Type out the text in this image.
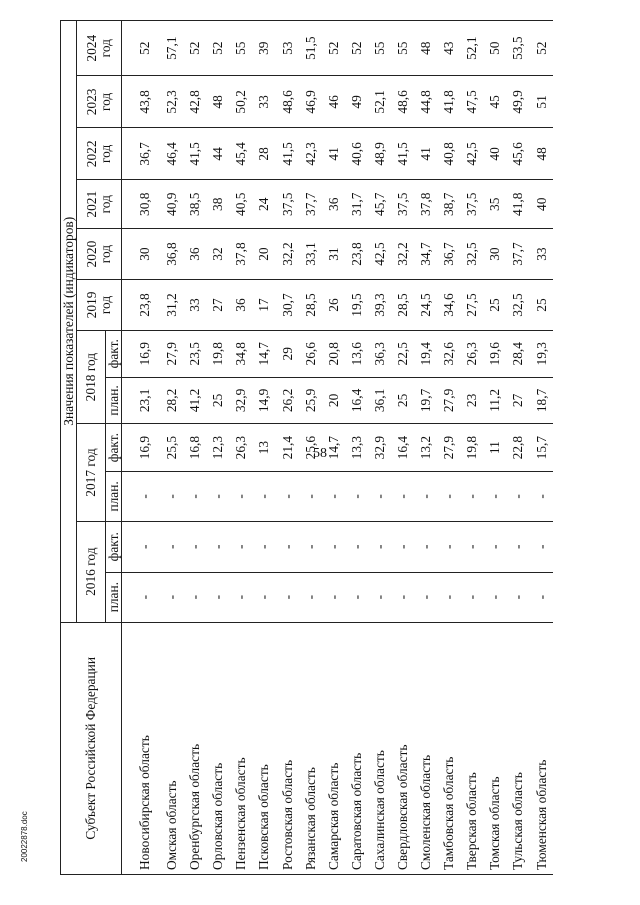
58
20022878.doc	Субъект Российской Федерации	Значения показателей (индикаторов)											
	2016 год		2017 год		2018 год		2019
год	2020
год	2021
год	2022
год	2023
год	2024
год
	план.	факт.	план.	факт.	план.	факт.						
Новосибирская область	-	-	-	16,9	23,1	16,9	23,8	30	30,8	36,7	43,8	52
Омская область	-	-	-	25,5	28,2	27,9	31,2	36,8	40,9	46,4	52,3	57,1
Оренбургская область	-	-	-	16,8	41,2	23,5	33	36	38,5	41,5	42,8	52
Орловская область	-	-	-	12,3	25	19,8	27	32	38	44	48	52
Пензенская область	-	-	-	26,3	32,9	34,8	36	37,8	40,5	45,4	50,2	55
Псковская область	-	-	-	13	14,9	14,7	17	20	24	28	33	39
Ростовская область	-	-	-	21,4	26,2	29	30,7	32,2	37,5	41,5	48,6	53
Рязанская область	-	-	-	25,6	25,9	26,6	28,5	33,1	37,7	42,3	46,9	51,5
Самарская область	-	-	-	14,7	20	20,8	26	31	36	41	46	52
Саратовская область	-	-	-	13,3	16,4	13,6	19,5	23,8	31,7	40,6	49	52
Сахалинская область	-	-	-	32,9	36,1	36,3	39,3	42,5	45,7	48,9	52,1	55
Свердловская область	-	-	-	16,4	25	22,5	28,5	32,2	37,5	41,5	48,6	55
Смоленская область	-	-	-	13,2	19,7	19,4	24,5	34,7	37,8	41	44,8	48
Тамбовская область	-	-	-	27,9	27,9	32,6	34,6	36,7	38,7	40,8	41,8	43
Тверская область	-	-	-	19,8	23	26,3	27,5	32,5	37,5	42,5	47,5	52,1
Томская область	-	-	-	11	11,2	19,6	25	30	35	40	45	50
Тульская область	-	-	-	22,8	27	28,4	32,5	37,7	41,8	45,6	49,9	53,5
Тюменская область	-	-	-	15,7	18,7	19,3	25	33	40	48	51	52
